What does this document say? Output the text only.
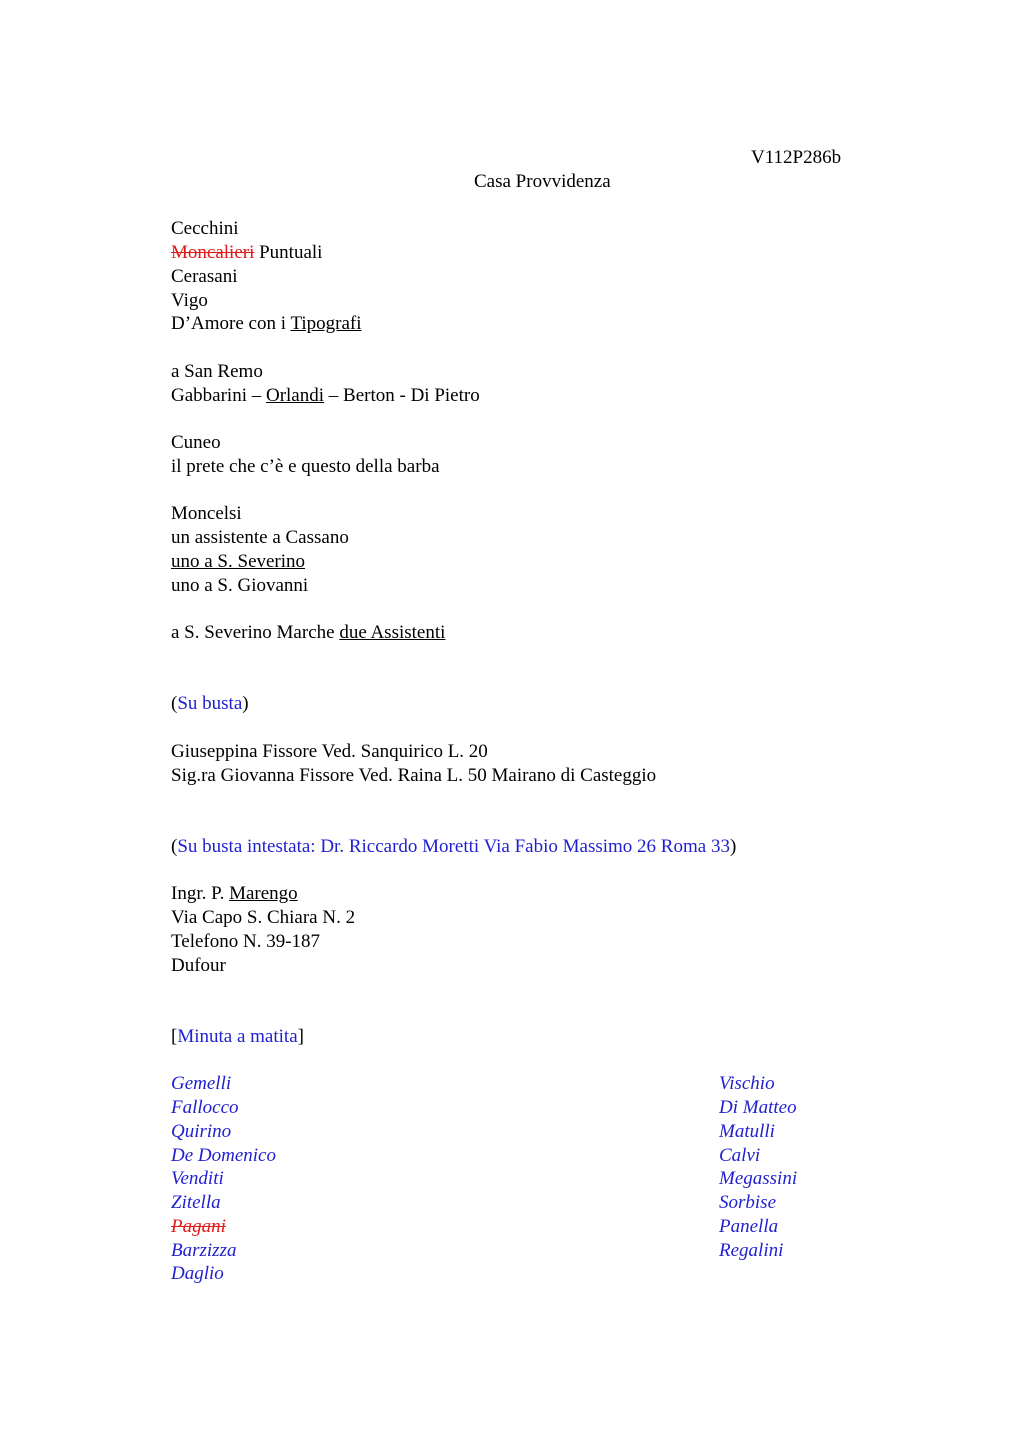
V112P286b
Casa Provvidenza
Cecchini
Moncalieri Puntuali
Cerasani
Vigo
D’Amore con i Tipografi
a San Remo
Gabbarini – Orlandi – Berton - Di Pietro
Cuneo
il prete che c’è e questo della barba
Moncelsi
un assistente a Cassano
uno a S. Severino
uno a S. Giovanni
a S. Severino Marche due Assistenti
(Su busta)
Giuseppina Fissore Ved. Sanquirico L. 20
Sig.ra Giovanna Fissore Ved. Raina L. 50 Mairano di Casteggio
(Su busta intestata: Dr. Riccardo Moretti Via Fabio Massimo 26 Roma 33)
Ingr. P. Marengo
Via Capo S. Chiara N. 2
Telefono N. 39-187
Dufour
[Minuta a matita]
Gemelli
Fallocco
Quirino
De Domenico
Venditi
Zitella
Pagani
Barzizza
Daglio
Vischio
Di Matteo
Matulli
Calvi
Megassini
Sorbise
Panella
Regalini
